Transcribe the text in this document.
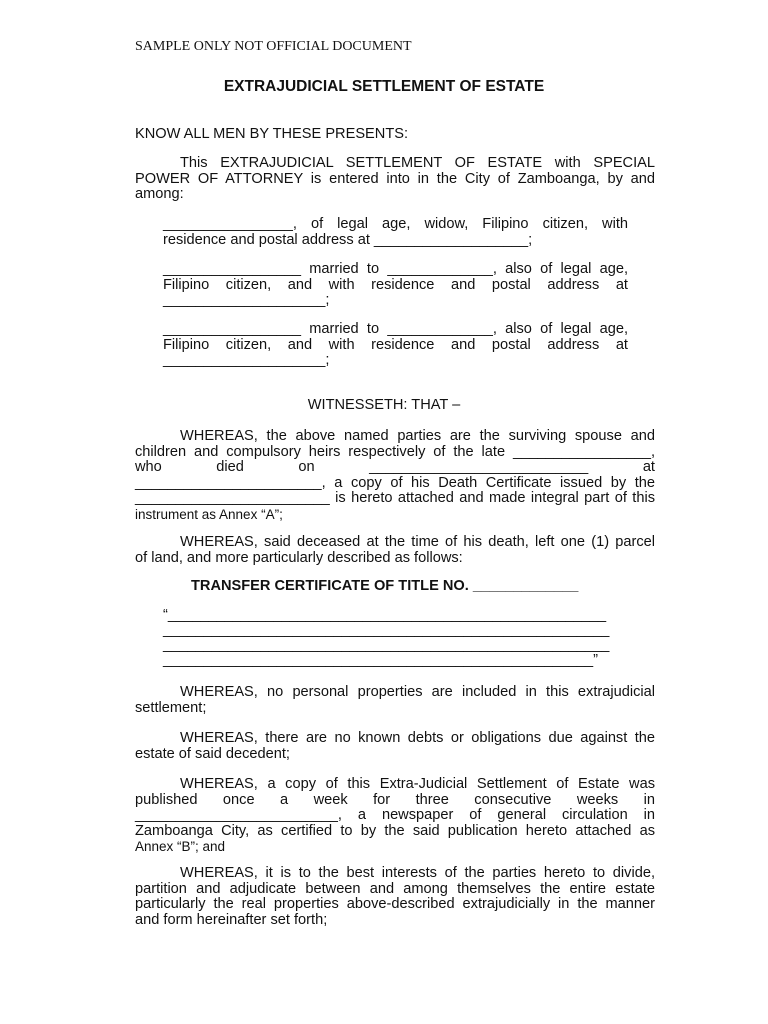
SAMPLE ONLY NOT OFFICIAL DOCUMENT
EXTRAJUDICIAL SETTLEMENT OF ESTATE
KNOW ALL MEN BY THESE PRESENTS:
This EXTRAJUDICIAL SETTLEMENT OF ESTATE with SPECIAL
POWER OF ATTORNEY is entered into in the City of Zamboanga, by and
among:
________________, of legal age, widow, Filipino citizen, with
residence and postal address at ___________________;
_________________ married to _____________, also of legal age,
Filipino citizen, and with residence and postal address at
____________________;
_________________ married to _____________, also of legal age,
Filipino citizen, and with residence and postal address at
____________________;
WITNESSETH: THAT –
WHEREAS, the above named parties are the surviving spouse and
children and compulsory heirs respectively of the late _________________,
who died on ___________________________ at
_______________________, a copy of his Death Certificate issued by the
________________________ is hereto attached and made integral part of this
instrument as Annex “A”;
WHEREAS, said deceased at the time of his death, left one (1) parcel
of land, and more particularly described as follows:
TRANSFER CERTIFICATE OF TITLE NO. _____________
“______________________________________________________
_______________________________________________________
_______________________________________________________
_____________________________________________________”
WHEREAS, no personal properties are included in this extrajudicial
settlement;
WHEREAS, there are no known debts or obligations due against the
estate of said decedent;
WHEREAS, a copy of this Extra-Judicial Settlement of Estate was
published once a week for three consecutive weeks in
_________________________, a newspaper of general circulation in
Zamboanga City, as certified to by the said publication hereto attached as
Annex “B”; and
WHEREAS, it is to the best interests of the parties hereto to divide,
partition and adjudicate between and among themselves the entire estate
particularly the real properties above-described extrajudicially in the manner
and form hereinafter set forth;
